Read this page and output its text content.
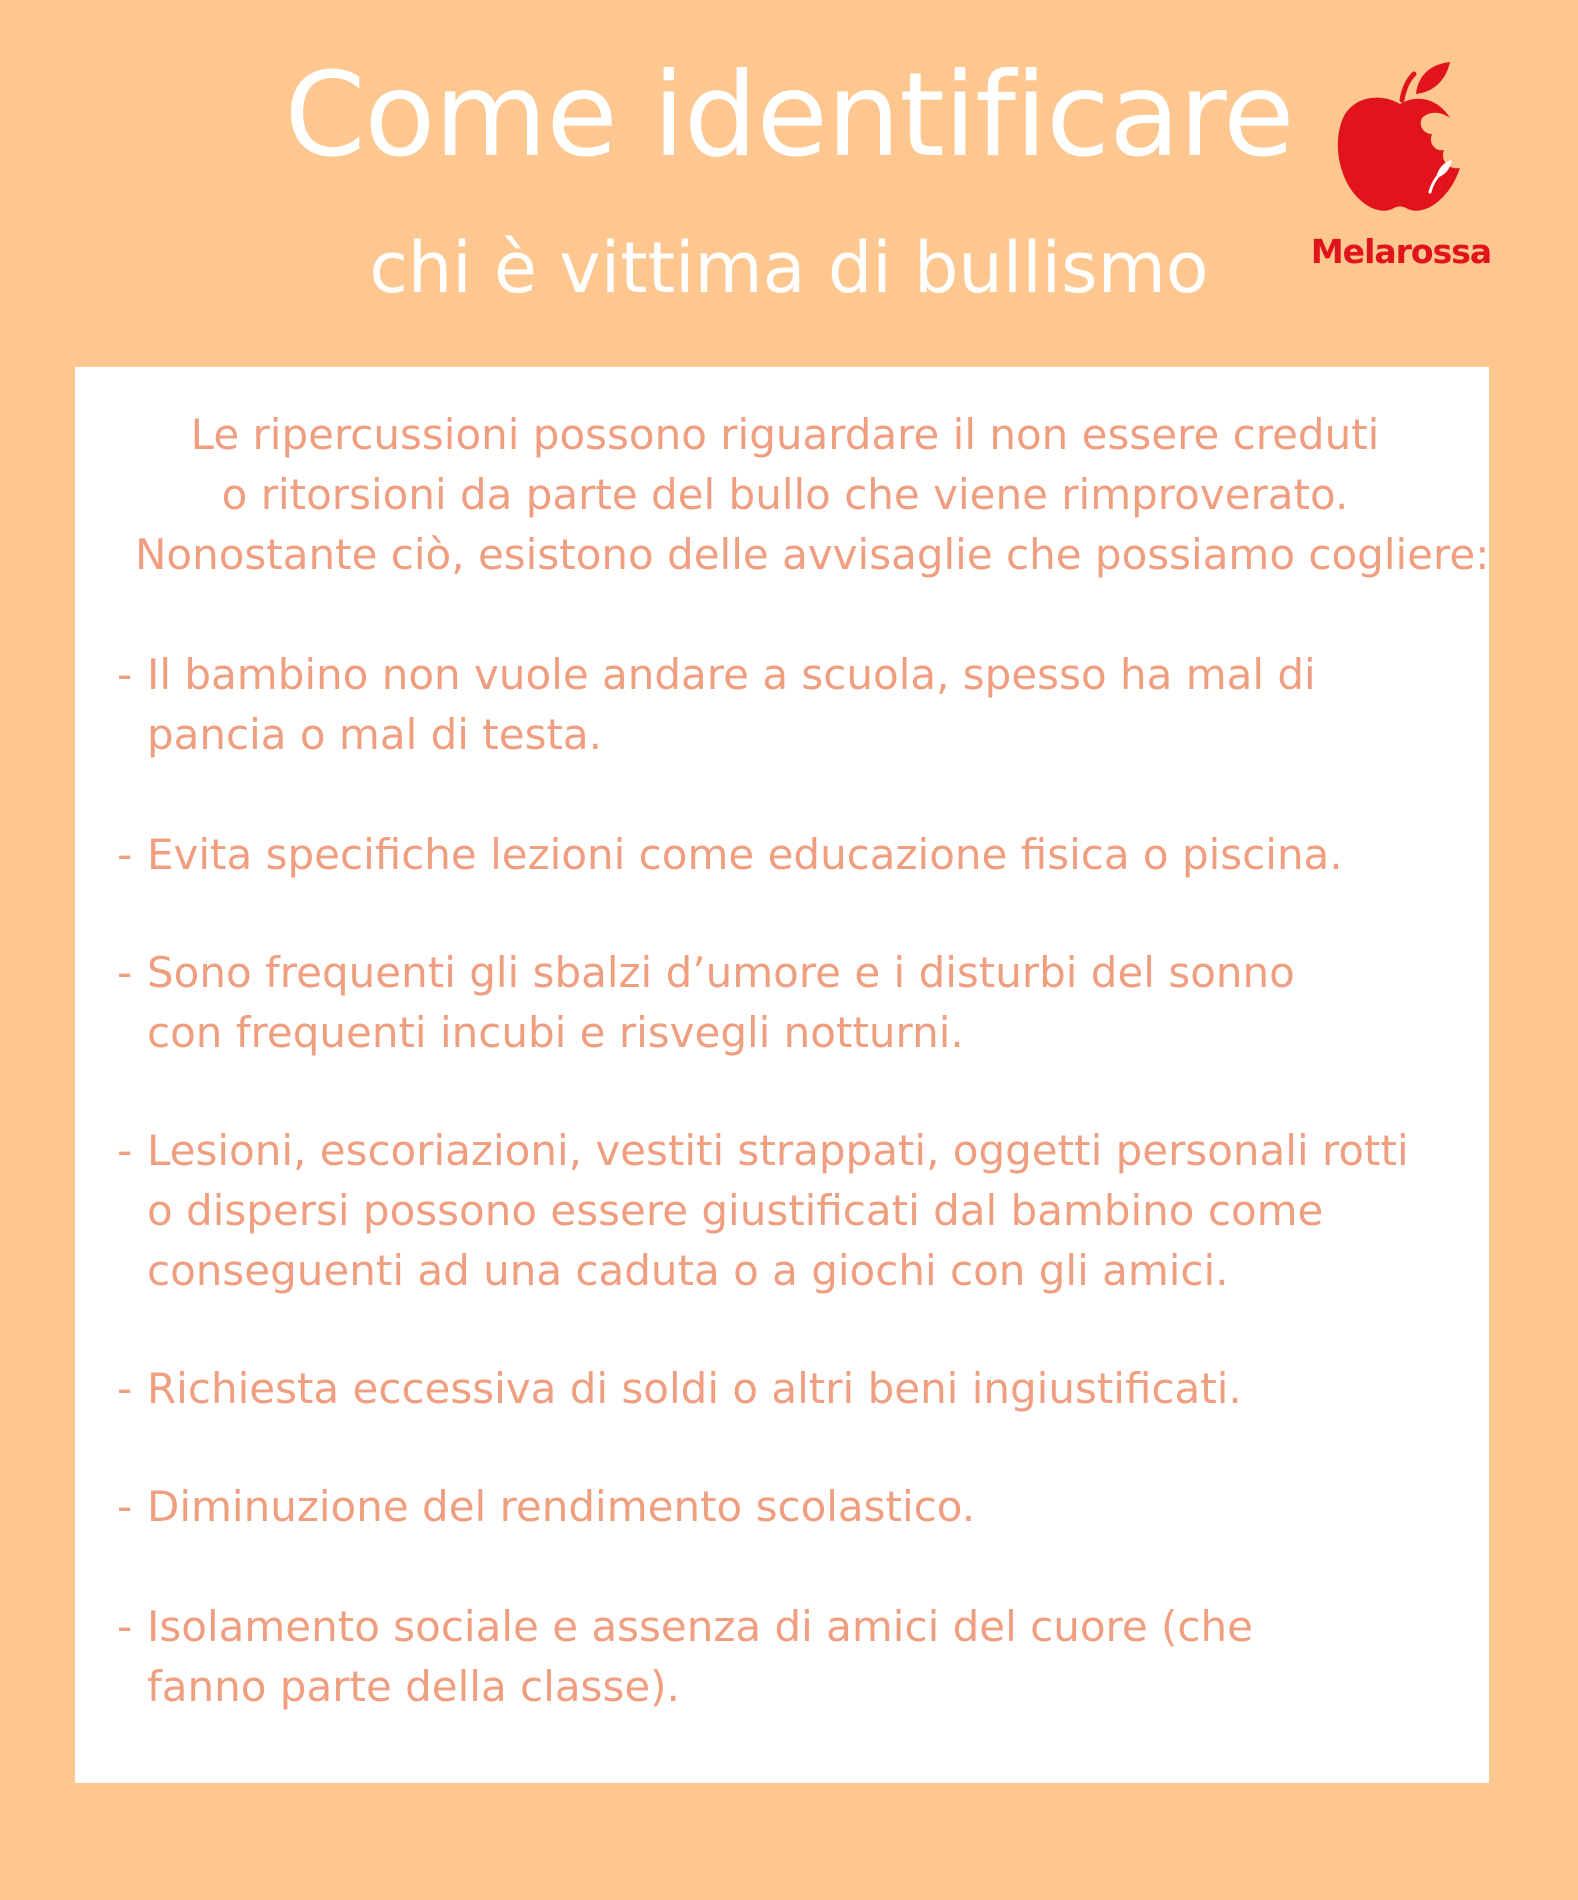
Come identificare
chi è vittima di bullismo	Melarossa
Le ripercussioni possono riguardare il non essere creduti
o ritorsioni da parte del bullo che viene rimproverato.
Nonostante ciò, esistono delle avvisaglie che possiamo cogliere:
- Il bambino non vuole andare a scuola, spesso ha mal di pancia o mal di testa.
- Evita specifiche lezioni come educazione fisica o piscina.
- Sono frequenti gli sbalzi d’umore e i disturbi del sonno con frequenti incubi e risvegli notturni.
- Lesioni, escoriazioni, vestiti strappati, oggetti personali rotti o dispersi possono essere giustificati dal bambino come conseguenti ad una caduta o a giochi con gli amici.
- Richiesta eccessiva di soldi o altri beni ingiustificati.
- Diminuzione del rendimento scolastico.
- Isolamento sociale e assenza di amici del cuore (che fanno parte della classe).
